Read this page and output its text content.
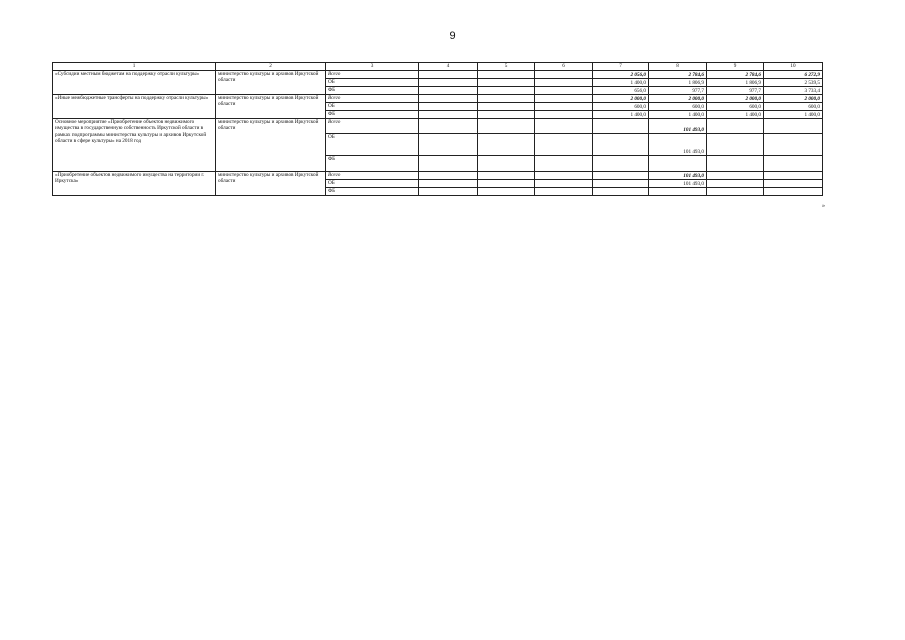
9
1	2	3	4	5	6	7	8	9	10
«Субсидии местным бюджетам на поддержку отрасли культуры»	министерство культуры и архивов Иркутской области	Всего				2 056,0	2 784,6	2 784,6	6 272,9
		ОБ				1 400,0	1 806,9	1 806,9	2 539,5
		ФБ				656,0	977,7	977,7	3 733,4
«Иные межбюджетные трансферты на поддержку отрасли культуры»	министерство культуры и архивов Иркутской области	Всего				2 000,0	2 000,0	2 000,0	2 000,0
		ОБ				600,0	600,0	600,0	600,0
		ФБ				1 400,0	1 400,0	1 400,0	1 400,0
Основное мероприятие «Приобретение объектов недвижимого имущества в государственную собственность Иркутской области в рамках подпрограммы министерства культуры и архивов Иркутской области в сфере культуры» на 2018 год	министерство культуры и архивов Иркутской области	Всего					101 493,0		
		ОБ					101 493,0		
		ФБ							
«Приобретение объектов недвижимого имущества на территории г. Иркутска»	министерство культуры и архивов Иркутской области	Всего					101 493,0		
		ОБ					101 493,0		
		ФБ							
»
